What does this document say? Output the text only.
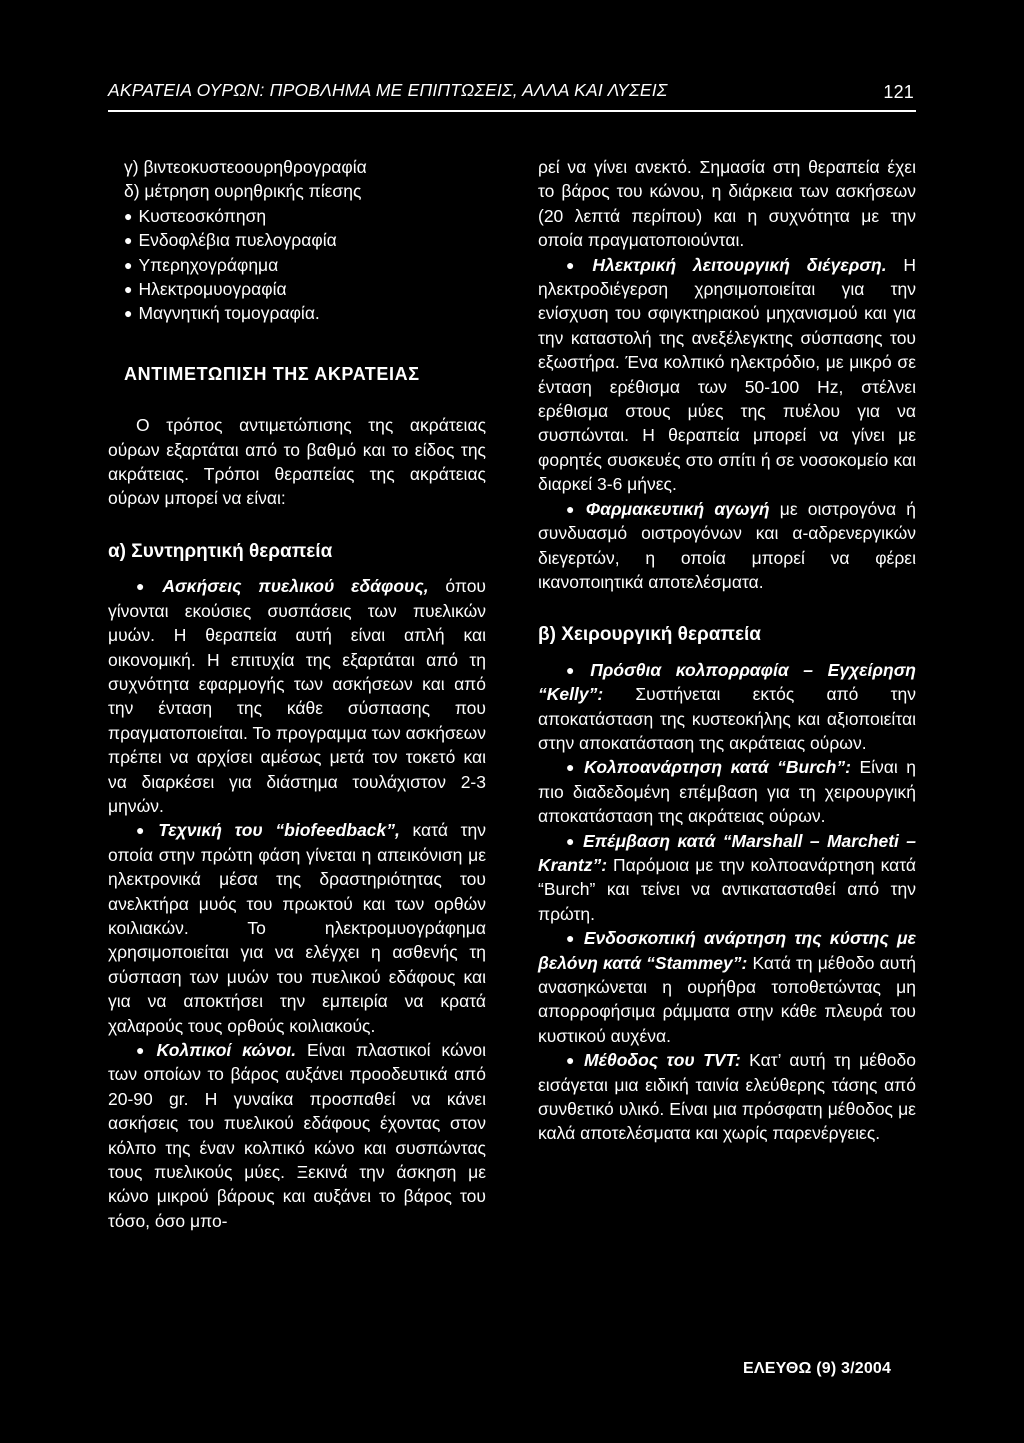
ΑΚΡΑΤΕΙΑ ΟΥΡΩΝ: ΠΡΟΒΛΗΜΑ ΜΕ ΕΠΙΠΤΩΣΕΙΣ, ΑΛΛΑ ΚΑΙ ΛΥΣΕΙΣ	121

γ) βιντεοκυστεοουρηθρογραφία

δ) μέτρηση ουρηθρικής πίεσης

● Κυστεοσκόπηση

● Ενδοφλέβια πυελογραφία

● Υπερηχογράφημα

● Ηλεκτρομυογραφία

● Μαγνητική τομογραφία.

ΑΝΤΙΜΕΤΩΠΙΣΗ ΤΗΣ ΑΚΡΑΤΕΙΑΣ

Ο τρόπος αντιμετώπισης της ακράτειας ούρων εξαρτάται από το βαθμό και το είδος της ακράτειας. Τρόποι θεραπείας της ακράτειας ούρων μπορεί να είναι:

α) Συντηρητική θεραπεία

● Ασκήσεις πυελικού εδάφους, όπου γίνονται εκούσιες συσπάσεις των πυελικών μυών. Η θεραπεία αυτή είναι απλή και οικονομική. Η επιτυχία της εξαρτάται από τη συχνότητα εφαρμογής των ασκήσεων και από την ένταση της κάθε σύσπασης που πραγματοποιείται. Το προγραμμα των ασκήσεων πρέπει να αρχίσει αμέσως μετά τον τοκετό και να διαρκέσει για διάστημα τουλάχιστον 2-3 μηνών.

● Τεχνική του “biofeedback”, κατά την οποία στην πρώτη φάση γίνεται η απεικόνιση με ηλεκτρονικά μέσα της δραστηριότητας του ανελκτήρα μυός του πρωκτού και των ορθών κοιλιακών. Το ηλεκτρομυογράφημα χρησιμοποιείται για να ελέγχει η ασθενής τη σύσπαση των μυών του πυελικού εδάφους και για να αποκτήσει την εμπειρία να κρατά χαλαρούς τους ορθούς κοιλιακούς.

● Κολπικοί κώνοι. Είναι πλαστικοί κώνοι των οποίων το βάρος αυξάνει προοδευτικά από 20-90 gr. Η γυναίκα προσπαθεί να κάνει ασκήσεις του πυελικού εδάφους έχοντας στον κόλπο της έναν κολπικό κώνο και συσπώντας τους πυελικούς μύες. Ξεκινά την άσκηση με κώνο μικρού βάρους και αυξάνει το βάρος του τόσο, όσο μπο-

ρεί να γίνει ανεκτό. Σημασία στη θεραπεία έχει το βάρος του κώνου, η διάρκεια των ασκήσεων (20 λεπτά περίπου) και η συχνότητα με την οποία πραγματοποιούνται.

● Ηλεκτρική λειτουργική διέγερση. Η ηλεκτροδιέγερση χρησιμοποιείται για την ενίσχυση του σφιγκτηριακού μηχανισμού και για την καταστολή της ανεξέλεγκτης σύσπασης του εξωστήρα. Ένα κολπικό ηλεκτρόδιο, με μικρό σε ένταση ερέθισμα των 50-100 Hz, στέλνει ερέθισμα στους μύες της πυέλου για να συσπώνται. Η θεραπεία μπορεί να γίνει με φορητές συσκευές στο σπίτι ή σε νοσοκομείο και διαρκεί 3-6 μήνες.

● Φαρμακευτική αγωγή με οιστρογόνα ή συνδυασμό οιστρογόνων και α-αδρενεργικών διεγερτών, η οποία μπορεί να φέρει ικανοποιητικά αποτελέσματα.

β) Χειρουργική θεραπεία

● Πρόσθια κολπορραφία – Εγχείρηση “Kelly”: Συστήνεται εκτός από την αποκατάσταση της κυστεοκήλης και αξιοποιείται στην αποκατάσταση της ακράτειας ούρων.

● Κολποανάρτηση κατά “Burch”: Είναι η πιο διαδεδομένη επέμβαση για τη χειρουργική αποκατάσταση της ακράτειας ούρων.

● Επέμβαση κατά “Marshall – Marcheti – Krantz”: Παρόμοια με την κολποανάρτηση κατά “Burch” και τείνει να αντικατασταθεί από την πρώτη.

● Ενδοσκοπική ανάρτηση της κύστης με βελόνη κατά “Stammey”: Κατά τη μέθοδο αυτή ανασηκώνεται η ουρήθρα τοποθετώντας μη απορροφήσιμα ράμματα στην κάθε πλευρά του κυστικού αυχένα.

● Μέθοδος του TVT: Κατ’ αυτή τη μέθοδο εισάγεται μια ειδική ταινία ελεύθερης τάσης από συνθετικό υλικό. Είναι μια πρόσφατη μέθοδος με καλά αποτελέσματα και χωρίς παρενέργειες.

ΕΛΕΥΘΩ (9) 3/2004
